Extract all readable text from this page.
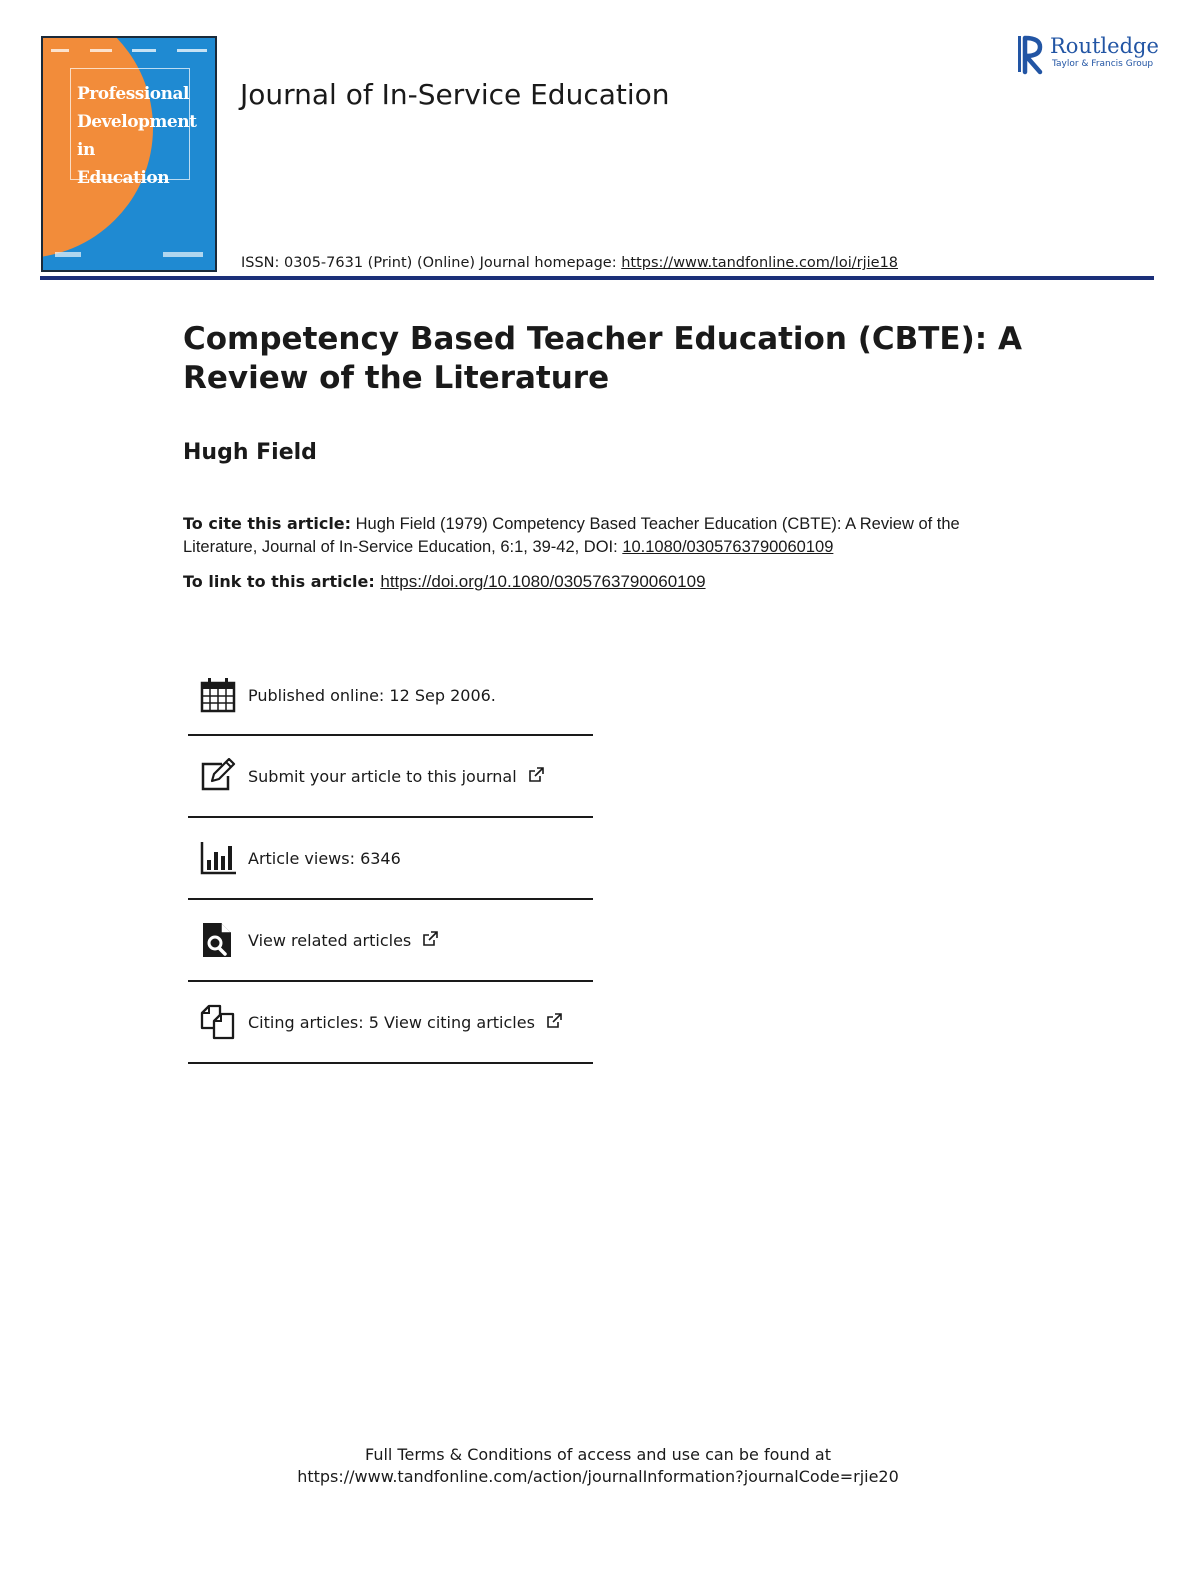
Professional
Development
in Education
Journal of In-Service Education
Routledge
Taylor & Francis Group
ISSN: 0305-7631 (Print) (Online) Journal homepage: https://www.tandfonline.com/loi/rjie18
Competency Based Teacher Education (CBTE): A Review of the Literature
Hugh Field
To cite this article: Hugh Field (1979) Competency Based Teacher Education (CBTE): A Review of the Literature, Journal of In-Service Education, 6:1, 39-42, DOI: 10.1080/0305763790060109
To link to this article: https://doi.org/10.1080/0305763790060109
Published online: 12 Sep 2006.
Submit your article to this journal
Article views: 6346
View related articles
Citing articles: 5 View citing articles
Full Terms & Conditions of access and use can be found at
https://www.tandfonline.com/action/journalInformation?journalCode=rjie20
